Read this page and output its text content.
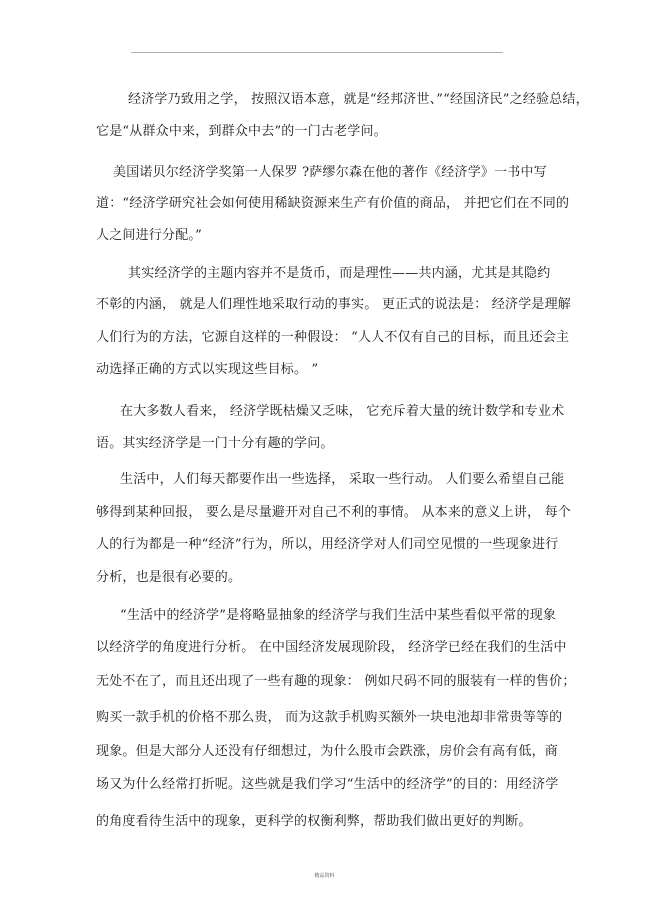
经济学乃致用之学， 按照汉语本意，就是“经邦济世、”“经国济民”之经验总结，
它是“从群众中来，到群众中去”的一门古老学问。
美国诺贝尔经济学奖第一人保罗 ?萨缪尔森在他的著作《经济学》一书中写
道：“经济学研究社会如何使用稀缺资源来生产有价值的商品， 并把它们在不同的
人之间进行分配。”
其实经济学的主题内容并不是货币，而是理性——共内涵，尤其是其隐约
不彰的内涵， 就是人们理性地采取行动的事实。 更正式的说法是： 经济学是理解
人们行为的方法，它源自这样的一种假设： “人人不仅有自己的目标，而且还会主
动选择正确的方式以实现这些目标。 ”
在大多数人看来， 经济学既枯燥又乏味， 它充斥着大量的统计数学和专业术
语。其实经济学是一门十分有趣的学问。
生活中，人们每天都要作出一些选择， 采取一些行动。 人们要么希望自己能
够得到某种回报， 要么是尽量避开对自己不利的事情。 从本来的意义上讲， 每个
人的行为都是一种“经济”行为，所以，用经济学对人们司空见惯的一些现象进行
分析，也是很有必要的。
“生活中的经济学”是将略显抽象的经济学与我们生活中某些看似平常的现象
以经济学的角度进行分析。 在中国经济发展现阶段， 经济学已经在我们的生活中
无处不在了，而且还出现了一些有趣的现象： 例如尺码不同的服装有一样的售价；
购买一款手机的价格不那么贵， 而为这款手机购买额外一块电池却非常贵等等的
现象。但是大部分人还没有仔细想过，为什么股市会跌涨，房价会有高有低，商
场又为什么经常打折呢。这些就是我们学习“生活中的经济学”的目的：用经济学
的角度看待生活中的现象，更科学的权衡利弊，帮助我们做出更好的判断。
精品资料
